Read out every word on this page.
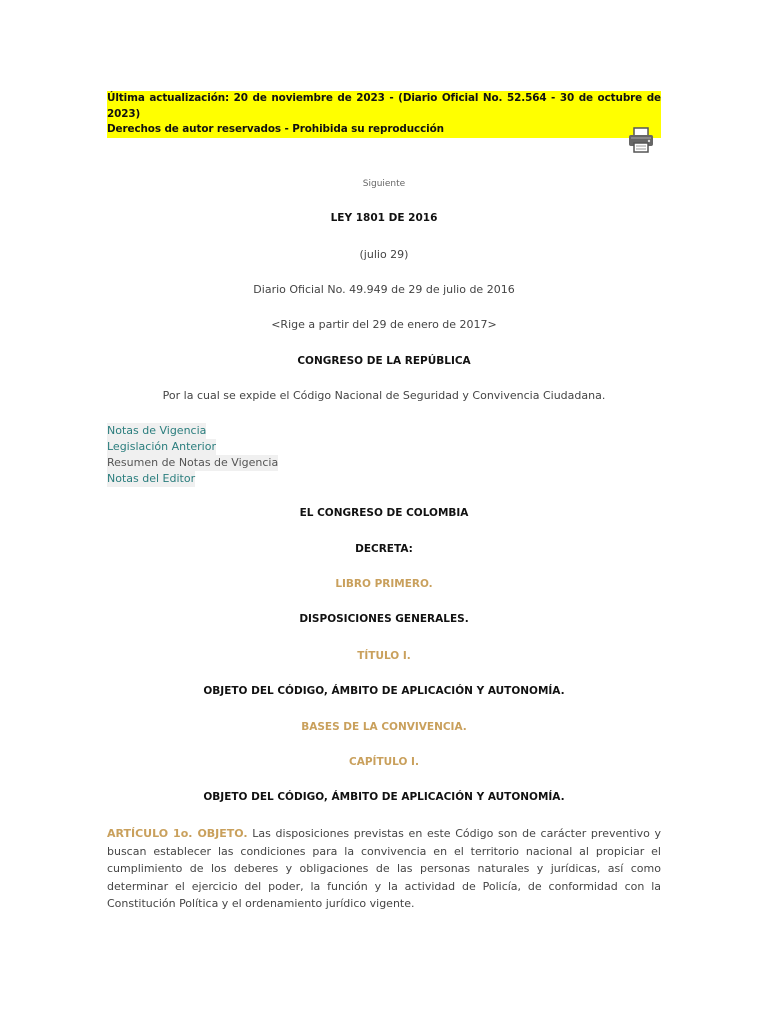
Última actualización: 20 de noviembre de 2023 - (Diario Oficial No. 52.564 - 30 de octubre de 2023)
Derechos de autor reservados - Prohibida su reproducción
Siguiente
LEY 1801 DE 2016
(julio 29)
Diario Oficial No. 49.949 de 29 de julio de 2016
<Rige a partir del 29 de enero de 2017>
CONGRESO DE LA REPÚBLICA
Por la cual se expide el Código Nacional de Seguridad y Convivencia Ciudadana.
Notas de Vigencia
Legislación Anterior
Resumen de Notas de Vigencia
Notas del Editor
EL CONGRESO DE COLOMBIA
DECRETA:
LIBRO PRIMERO.
DISPOSICIONES GENERALES.
TÍTULO I.
OBJETO DEL CÓDIGO, ÁMBITO DE APLICACIÓN Y AUTONOMÍA.
BASES DE LA CONVIVENCIA.
CAPÍTULO I.
OBJETO DEL CÓDIGO, ÁMBITO DE APLICACIÓN Y AUTONOMÍA.
ARTÍCULO 1o. OBJETO. Las disposiciones previstas en este Código son de carácter preventivo y buscan establecer las condiciones para la convivencia en el territorio nacional al propiciar el cumplimiento de los deberes y obligaciones de las personas naturales y jurídicas, así como determinar el ejercicio del poder, la función y la actividad de Policía, de conformidad con la Constitución Política y el ordenamiento jurídico vigente.
